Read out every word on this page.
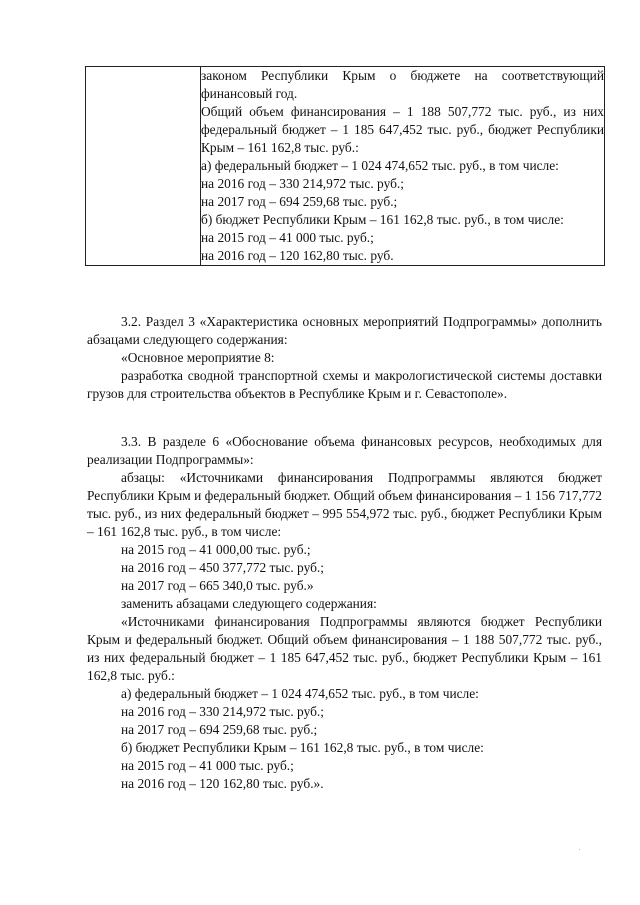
законом Республики Крым о бюджете на соответствующий финансовый год.
Общий объем финансирования – 1 188 507,772 тыс. руб., из них федеральный бюджет – 1 185 647,452 тыс. руб., бюджет Республики Крым – 161 162,8 тыс. руб.:
а) федеральный бюджет – 1 024 474,652 тыс. руб., в том числе:
на 2016 год – 330 214,972 тыс. руб.;
на 2017 год – 694 259,68 тыс. руб.;
б) бюджет Республики Крым – 161 162,8 тыс. руб., в том числе:
на 2015 год – 41 000 тыс. руб.;
на 2016 год – 120 162,80 тыс. руб.

3.2. Раздел 3 «Характеристика основных мероприятий Подпрограммы» дополнить абзацами следующего содержания:

«Основное мероприятие 8:

разработка сводной транспортной схемы и макрологистической системы доставки грузов для строительства объектов в Республике Крым и г. Севастополе».

3.3. В разделе 6 «Обоснование объема финансовых ресурсов, необходимых для реализации Подпрограммы»:

абзацы: «Источниками финансирования Подпрограммы являются бюджет Республики Крым и федеральный бюджет. Общий объем финансирования – 1 156 717,772 тыс. руб., из них федеральный бюджет – 995 554,972 тыс. руб., бюджет Республики Крым – 161 162,8 тыс. руб., в том числе:

на 2015 год – 41 000,00 тыс. руб.;

на 2016 год – 450 377,772 тыс. руб.;

на 2017 год – 665 340,0 тыс. руб.»

заменить абзацами следующего содержания:

«Источниками финансирования Подпрограммы являются бюджет Республики Крым и федеральный бюджет. Общий объем финансирования – 1 188 507,772 тыс. руб., из них федеральный бюджет – 1 185 647,452 тыс. руб., бюджет Республики Крым – 161 162,8 тыс. руб.:

а) федеральный бюджет – 1 024 474,652 тыс. руб., в том числе:

на 2016 год – 330 214,972 тыс. руб.;

на 2017 год – 694 259,68 тыс. руб.;

б) бюджет Республики Крым – 161 162,8 тыс. руб., в том числе:

на 2015 год – 41 000 тыс. руб.;

на 2016 год – 120 162,80 тыс. руб.».
